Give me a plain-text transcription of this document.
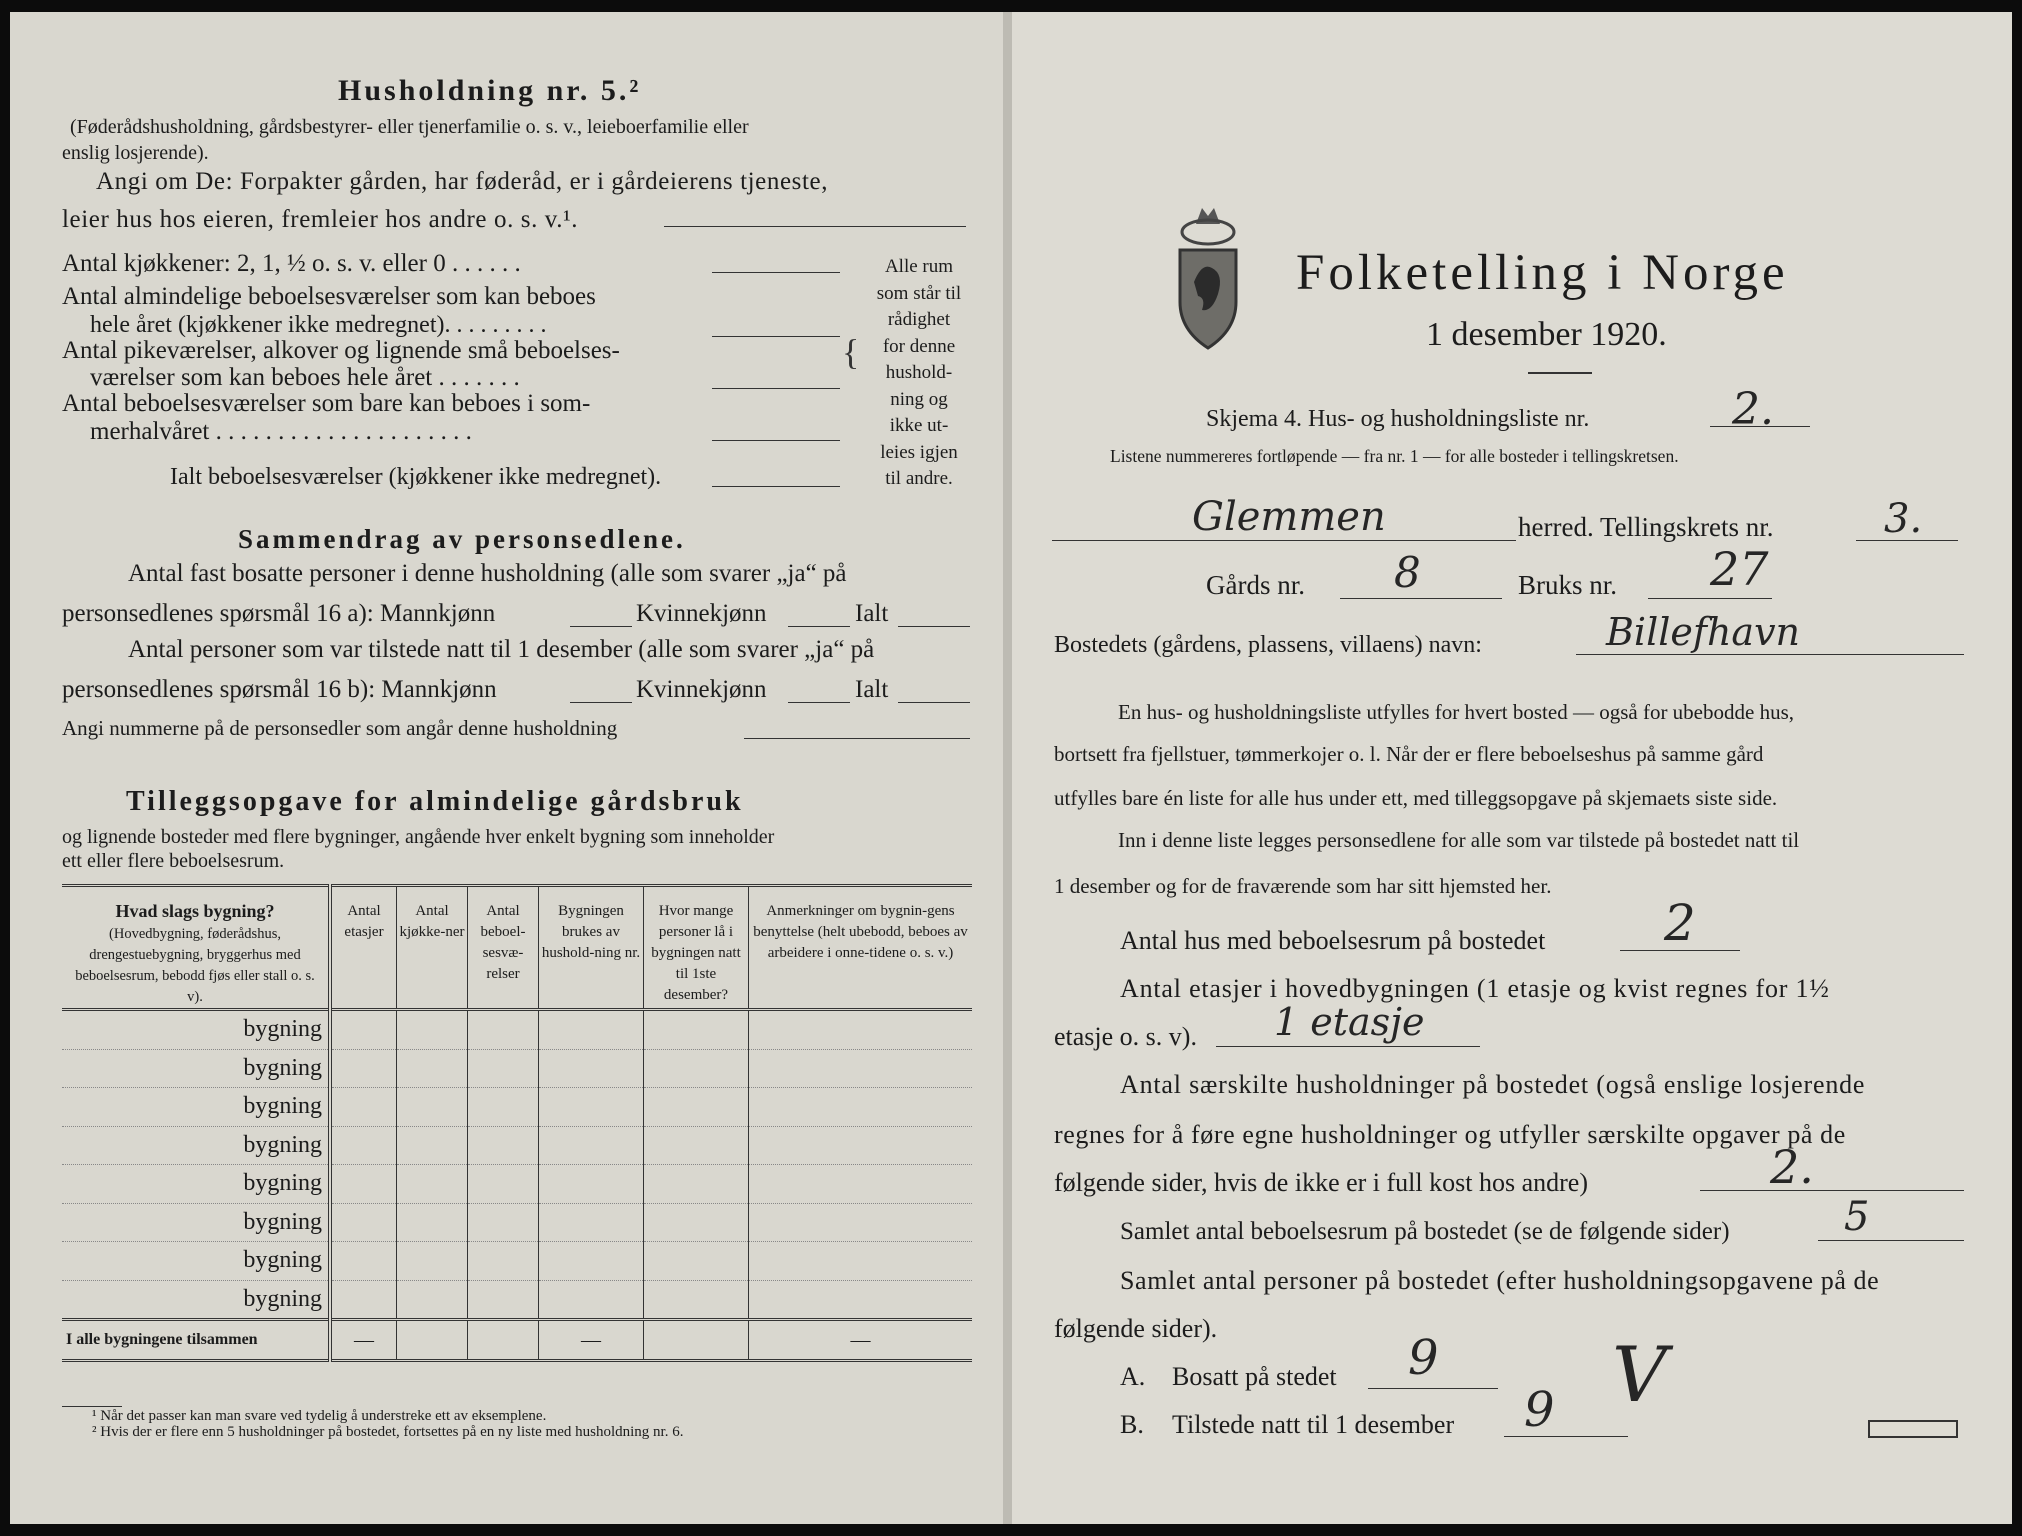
Husholdning nr. 5.²
(Føderådshusholdning, gårdsbestyrer- eller tjenerfamilie o. s. v., leieboerfamilie eller
enslig losjerende).
Angi om De: Forpakter gården, har føderåd, er i gårdeierens tjeneste,
leier hus hos eieren, fremleier hos andre o. s. v.¹.
Antal kjøkkener: 2, 1, ½ o. s. v. eller 0 . . . . . .
Antal almindelige beboelsesværelser som kan beboes
hele året (kjøkkener ikke medregnet). . . . . . . . .
Antal pikeværelser, alkover og lignende små beboelses-
værelser som kan beboes hele året . . . . . . .
Antal beboelsesværelser som bare kan beboes i som-
merhalvåret . . . . . . . . . . . . . . . . . . . . .
{
Alle rum
som står til
rådighet
for denne
hushold-
ning og
ikke ut-
leies igjen
til andre.
Ialt beboelsesværelser (kjøkkener ikke medregnet).
Sammendrag av personsedlene.
Antal fast bosatte personer i denne husholdning (alle som svarer „ja“ på
personsedlenes spørsmål 16 a): Mannkjønn	Kvinnekjønn	Ialt
Antal personer som var tilstede natt til 1 desember (alle som svarer „ja“ på
personsedlenes spørsmål 16 b): Mannkjønn	Kvinnekjønn	Ialt
Angi nummerne på de personsedler som angår denne husholdning
Tilleggsopgave for almindelige gårdsbruk
og lignende bosteder med flere bygninger, angående hver enkelt bygning som inneholder
ett eller flere beboelsesrum.
Hvad slags bygning?

(Hovedbygning, føderådshus, drengestuebygning, bryggerhus med beboelsesrum, bebodd fjøs eller stall o. s. v).	Antal etasjer	Antal kjøkke-ner	Antal beboel-sesvæ-relser	Bygningen brukes av hushold-ning nr.	Hvor mange personer lå i bygningen natt til 1ste desember?	Anmerkninger om bygnin-gens benyttelse (helt ubebodd, beboes av arbeidere i onne-tidene o. s. v.)
bygning						
bygning						
bygning						
bygning						
bygning						
bygning						
bygning						
bygning						
I alle bygningene tilsammen	—			—		—
¹ Når det passer kan man svare ved tydelig å understreke ett av eksemplene.
² Hvis der er flere enn 5 husholdninger på bostedet, fortsettes på en ny liste med husholdning nr. 6.
Folketelling i Norge
1 desember 1920.
Skjema 4. Hus- og husholdningsliste nr.	2.
Listene nummereres fortløpende — fra nr. 1 — for alle bosteder i tellingskretsen.
Glemmen	herred. Tellingskrets nr.	3.
Gårds nr. 8	Bruks nr. 27
Bostedets (gårdens, plassens, villaens) navn:	Billefhavn
En hus- og husholdningsliste utfylles for hvert bosted — også for ubebodde hus,
bortsett fra fjellstuer, tømmerkojer o. l. Når der er flere beboelseshus på samme gård
utfylles bare én liste for alle hus under ett, med tilleggsopgave på skjemaets siste side.
Inn i denne liste legges personsedlene for alle som var tilstede på bostedet natt til
1 desember og for de fraværende som har sitt hjemsted her.
Antal hus med beboelsesrum på bostedet 2
Antal etasjer i hovedbygningen (1 etasje og kvist regnes for 1½
etasje o. s. v). 1 etasje
Antal særskilte husholdninger på bostedet (også enslige losjerende
regnes for å føre egne husholdninger og utfyller særskilte opgaver på de
følgende sider, hvis de ikke er i full kost hos andre)	2.
Samlet antal beboelsesrum på bostedet (se de følgende sider)	5
Samlet antal personer på bostedet (efter husholdningsopgavene på de
følgende sider).
A. Bosatt på stedet 9
B. Tilstede natt til 1 desember 9 V
